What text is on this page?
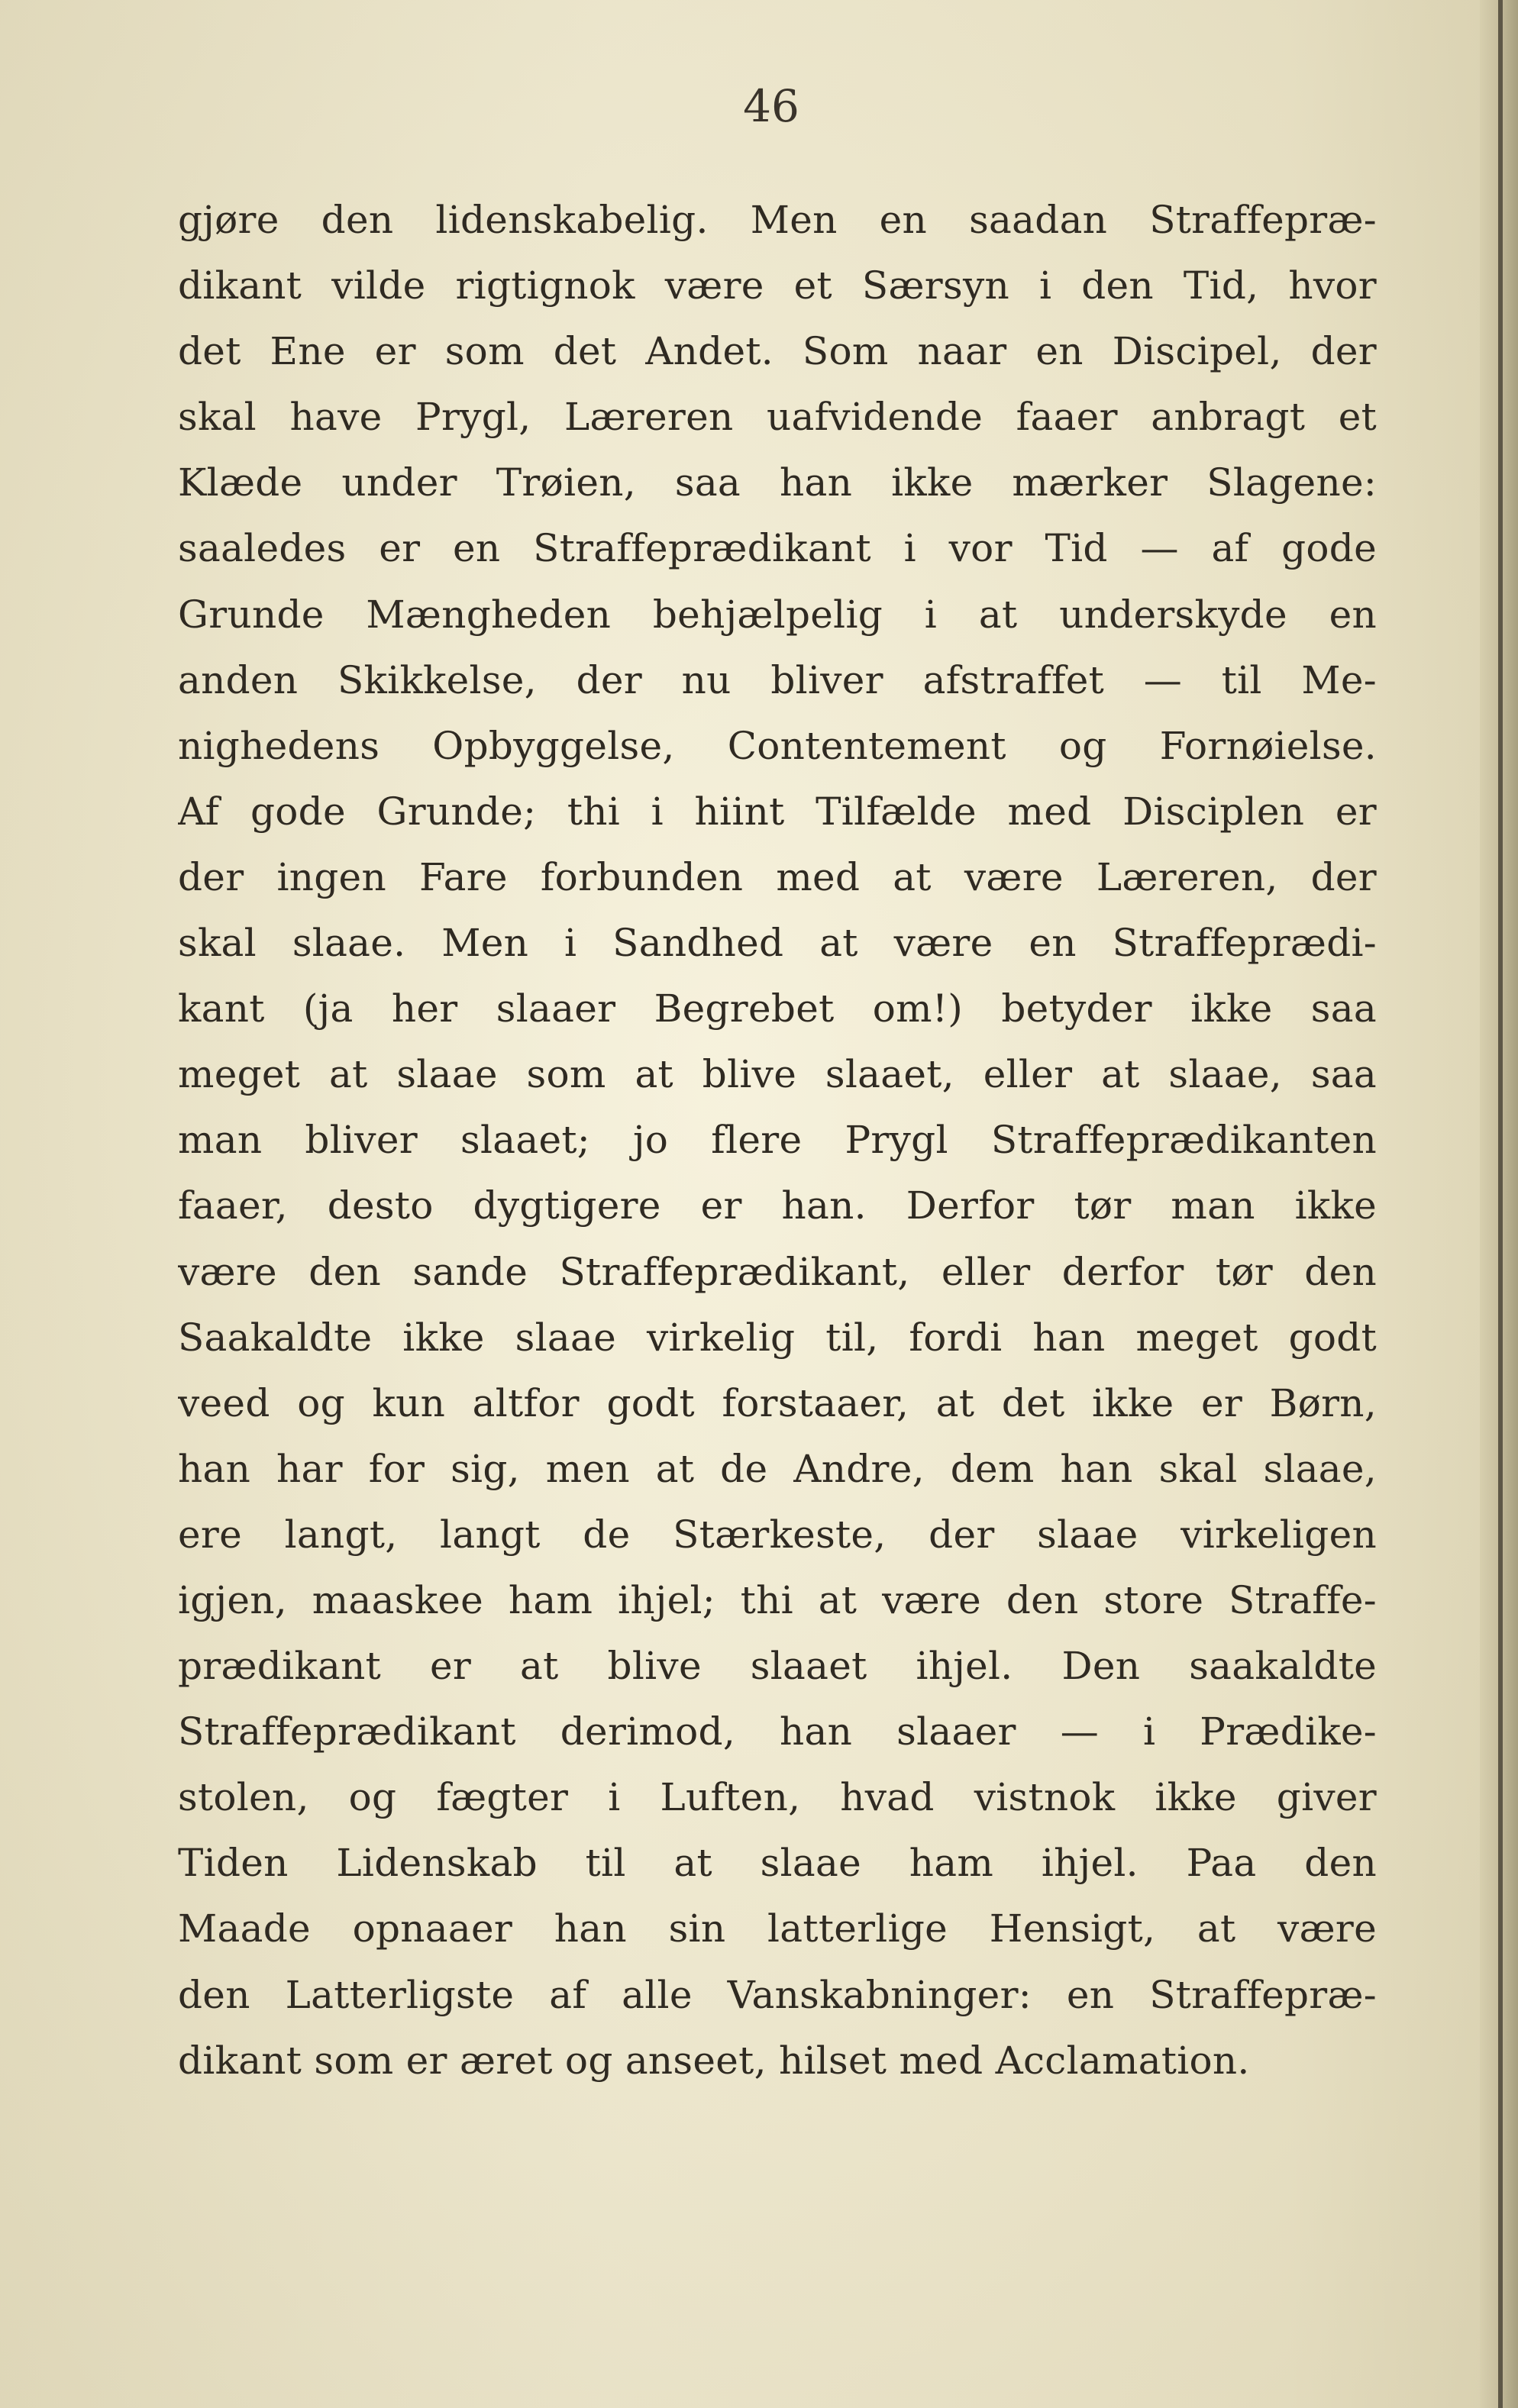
46
gjøre den lidenskabelig. Men en saadan Straffepræ-
dikant vilde rigtignok være et Særsyn i den Tid, hvor
det Ene er som det Andet. Som naar en Discipel, der
skal have Prygl, Læreren uafvidende faaer anbragt et
Klæde under Trøien, saa han ikke mærker Slagene:
saaledes er en Straffeprædikant i vor Tid — af gode
Grunde Mængheden behjælpelig i at underskyde en
anden Skikkelse, der nu bliver afstraffet — til Me-
nighedens Opbyggelse, Contentement og Fornøielse.
Af gode Grunde; thi i hiint Tilfælde med Disciplen er
der ingen Fare forbunden med at være Læreren, der
skal slaae. Men i Sandhed at være en Straffeprædi-
kant (ja her slaaer Begrebet om!) betyder ikke saa
meget at slaae som at blive slaaet, eller at slaae, saa
man bliver slaaet; jo flere Prygl Straffeprædikanten
faaer, desto dygtigere er han. Derfor tør man ikke
være den sande Straffeprædikant, eller derfor tør den
Saakaldte ikke slaae virkelig til, fordi han meget godt
veed og kun altfor godt forstaaer, at det ikke er Børn,
han har for sig, men at de Andre, dem han skal slaae,
ere langt, langt de Stærkeste, der slaae virkeligen
igjen, maaskee ham ihjel; thi at være den store Straffe-
prædikant er at blive slaaet ihjel. Den saakaldte
Straffeprædikant derimod, han slaaer — i Prædike-
stolen, og fægter i Luften, hvad vistnok ikke giver
Tiden Lidenskab til at slaae ham ihjel. Paa den
Maade opnaaer han sin latterlige Hensigt, at være
den Latterligste af alle Vanskabninger: en Straffepræ-
dikant som er æret og anseet, hilset med Acclamation.
